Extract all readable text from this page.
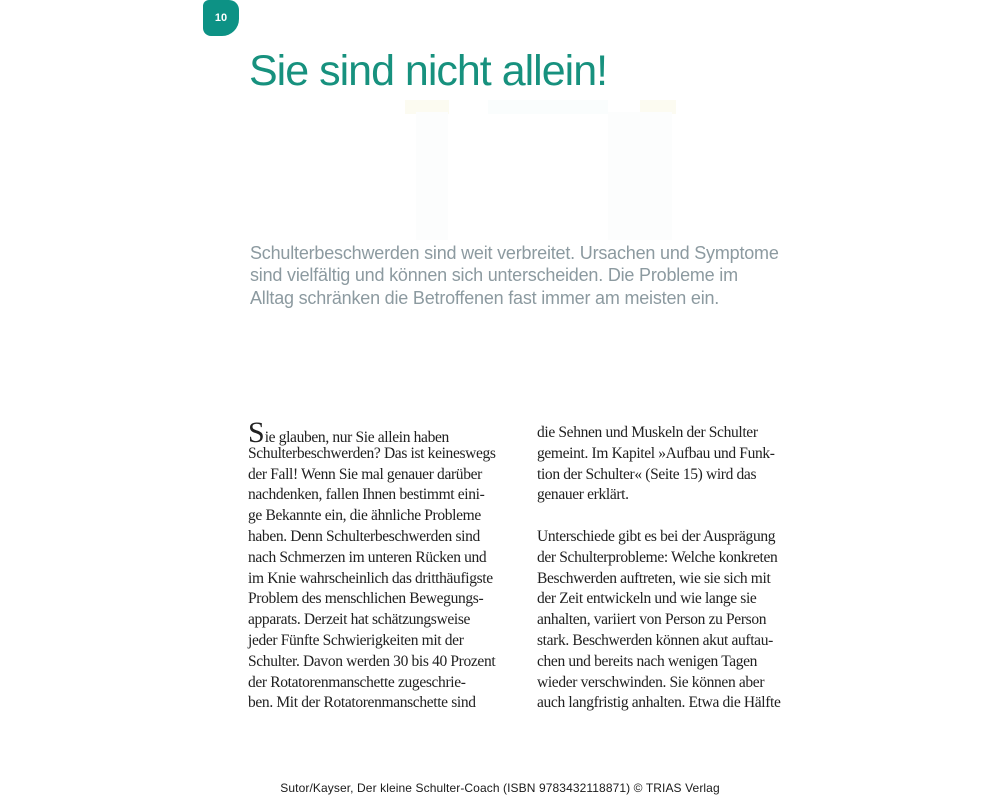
10
Sie sind nicht allein!
Schulterbeschwerden sind weit verbreitet. Ursachen und Symptome
sind vielfältig und können sich unterscheiden. Die Probleme im
Alltag schränken die Betroffenen fast immer am meisten ein.
Sie glauben, nur Sie allein haben
Schulterbeschwerden? Das ist keineswegs
der Fall! Wenn Sie mal genauer darüber
nachdenken, fallen Ihnen bestimmt eini-
ge Bekannte ein, die ähnliche Probleme
haben. Denn Schulterbeschwerden sind
nach Schmerzen im unteren Rücken und
im Knie wahrscheinlich das dritthäufigste
Problem des menschlichen Bewegungs-
apparats. Derzeit hat schätzungsweise
jeder Fünfte Schwierigkeiten mit der
Schulter. Davon werden 30 bis 40 Prozent
der Rotatorenmanschette zugeschrie-
ben. Mit der Rotatorenmanschette sind
die Sehnen und Muskeln der Schulter
gemeint. Im Kapitel »Aufbau und Funk-
tion der Schulter« (Seite 15) wird das
genauer erklärt.
Unterschiede gibt es bei der Ausprägung
der Schulterprobleme: Welche konkreten
Beschwerden auftreten, wie sie sich mit
der Zeit entwickeln und wie lange sie
anhalten, variiert von Person zu Person
stark. Beschwerden können akut auftau-
chen und bereits nach wenigen Tagen
wieder verschwinden. Sie können aber
auch langfristig anhalten. Etwa die Hälfte
Sutor/Kayser, Der kleine Schulter-Coach (ISBN 9783432118871) © TRIAS Verlag
